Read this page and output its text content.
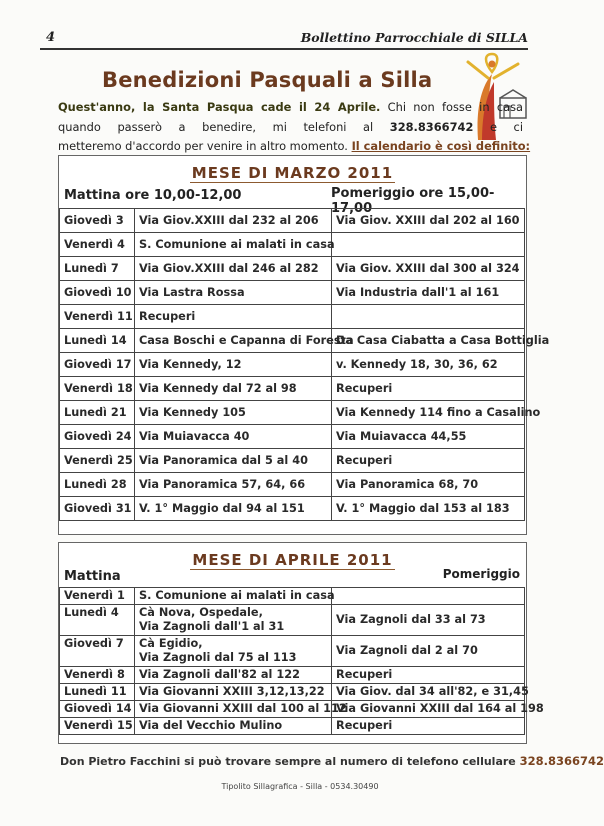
4	Bollettino Parrocchiale di SILLA
Benedizioni Pasquali a Silla
Quest'anno, la Santa Pasqua cade il 24 Aprile. Chi non fosse in casa
quando passerò a benedire, mi telefoni al 328.8366742 e ci
metteremo d'accordo per venire in altro momento. Il calendario è così definito:
MESE DI MARZO 2011
Mattina ore 10,00-12,00	Pomeriggio ore 15,00-17,00
Giovedì 3	Via Giov.XXIII dal 232 al 206	Via Giov. XXIII dal 202 al 160
Venerdì 4	S. Comunione ai malati in casa	
Lunedì 7	Via Giov.XXIII dal 246 al 282	Via Giov. XXIII dal 300 al 324
Giovedì 10	Via Lastra Rossa	Via Industria dall'1 al 161
Venerdì 11	Recuperi	
Lunedì 14	Casa Boschi e Capanna di Foresta	Da Casa Ciabatta a Casa Bottiglia
Giovedì 17	Via Kennedy, 12	v. Kennedy 18, 30, 36, 62
Venerdì 18	Via Kennedy dal 72 al 98	Recuperi
Lunedì 21	Via Kennedy 105	Via Kennedy 114 fino a Casalino
Giovedì 24	Via Muiavacca 40	Via Muiavacca 44,55
Venerdì 25	Via Panoramica dal 5 al 40	Recuperi
Lunedì 28	Via Panoramica 57, 64, 66	Via Panoramica 68, 70
Giovedì 31	V. 1° Maggio dal 94 al 151	V. 1° Maggio dal 153 al 183
MESE DI APRILE 2011
Mattina	Pomeriggio
Venerdì 1	S. Comunione ai malati in casa	
Lunedì 4	Cà Nova, Ospedale,
Via Zagnoli dall'1 al 31	Via Zagnoli dal 33 al 73
Giovedì 7	Cà Egidio,
Via Zagnoli dal 75 al 113	Via Zagnoli dal 2 al 70
Venerdì 8	Via Zagnoli dall'82 al 122	Recuperi
Lunedì 11	Via Giovanni XXIII 3,12,13,22	Via Giov. dal 34 all'82, e 31,45
Giovedì 14	Via Giovanni XXIII dal 100 al 112	Via Giovanni XXIII dal 164 al 198
Venerdì 15	Via del Vecchio Mulino	Recuperi
Don Pietro Facchini si può trovare sempre al numero di telefono cellulare 328.8366742
Tipolito Sillagrafica - Silla - 0534.30490
